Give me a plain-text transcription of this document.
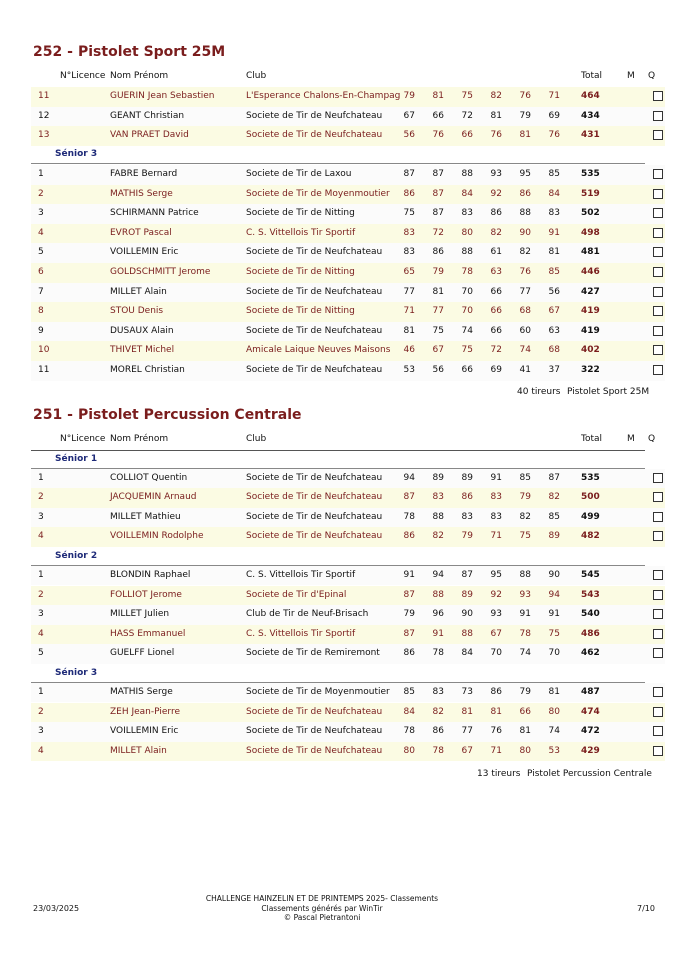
252 - Pistolet Sport 25M
N°Licence Nom Prénom	Club	Total	M Q
11	GUERIN Jean Sebastien	L'Esperance Chalons-En-Champag 79	81	75	82	76	71 464
12	GEANT Christian	Societe de Tir de Neufchateau	67	66	72	81	79	69 434
13	VAN PRAET David	Societe de Tir de Neufchateau	56	76	66	76	81	76 431
Sénior 3
1	FABRE Bernard	Societe de Tir de Laxou	87	87	88	93	95	85 535
2	MATHIS Serge	Societe de Tir de Moyenmoutier	86	87	84	92	86	84 519
3	SCHIRMANN Patrice	Societe de Tir de Nitting	75	87	83	86	88	83 502
4	EVROT Pascal	C. S. Vittellois Tir Sportif	83	72	80	82	90	91 498
5	VOILLEMIN Eric	Societe de Tir de Neufchateau	83	86	88	61	82	81 481
6	GOLDSCHMITT Jerome	Societe de Tir de Nitting	65	79	78	63	76	85 446
7	MILLET Alain	Societe de Tir de Neufchateau	77	81	70	66	77	56 427
8	STOU Denis	Societe de Tir de Nitting	71	77	70	66	68	67 419
9	DUSAUX Alain	Societe de Tir de Neufchateau	81	75	74	66	60	63 419
10	THIVET Michel	Amicale Laique Neuves Maisons	46	67	75	72	74	68 402
11	MOREL Christian	Societe de Tir de Neufchateau	53	56	66	69	41	37 322
40 tireurs Pistolet Sport 25M
251 - Pistolet Percussion Centrale
N°Licence Nom Prénom	Club	Total	M Q
Sénior 1
1	COLLIOT Quentin	Societe de Tir de Neufchateau	94	89	89	91	85	87 535
2	JACQUEMIN Arnaud	Societe de Tir de Neufchateau	87	83	86	83	79	82 500
3	MILLET Mathieu	Societe de Tir de Neufchateau	78	88	83	83	82	85 499
4	VOILLEMIN Rodolphe	Societe de Tir de Neufchateau	86	82	79	71	75	89 482
Sénior 2
1	BLONDIN Raphael	C. S. Vittellois Tir Sportif	91	94	87	95	88	90 545
2	FOLLIOT Jerome	Societe de Tir d'Epinal	87	88	89	92	93	94 543
3	MILLET Julien	Club de Tir de Neuf-Brisach	79	96	90	93	91	91 540
4	HASS Emmanuel	C. S. Vittellois Tir Sportif	87	91	88	67	78	75 486
5	GUELFF Lionel	Societe de Tir de Remiremont	86	78	84	70	74	70 462
Sénior 3
1	MATHIS Serge	Societe de Tir de Moyenmoutier	85	83	73	86	79	81 487
2	ZEH Jean-Pierre	Societe de Tir de Neufchateau	84	82	81	81	66	80 474
3	VOILLEMIN Eric	Societe de Tir de Neufchateau	78	86	77	76	81	74 472
4	MILLET Alain	Societe de Tir de Neufchateau	80	78	67	71	80	53 429
13 tireurs Pistolet Percussion Centrale
23/03/2025
CHALLENGE HAINZELIN ET DE PRINTEMPS 2025- Classements
Classements générés par WinTir
© Pascal Pietrantoni
7/10
